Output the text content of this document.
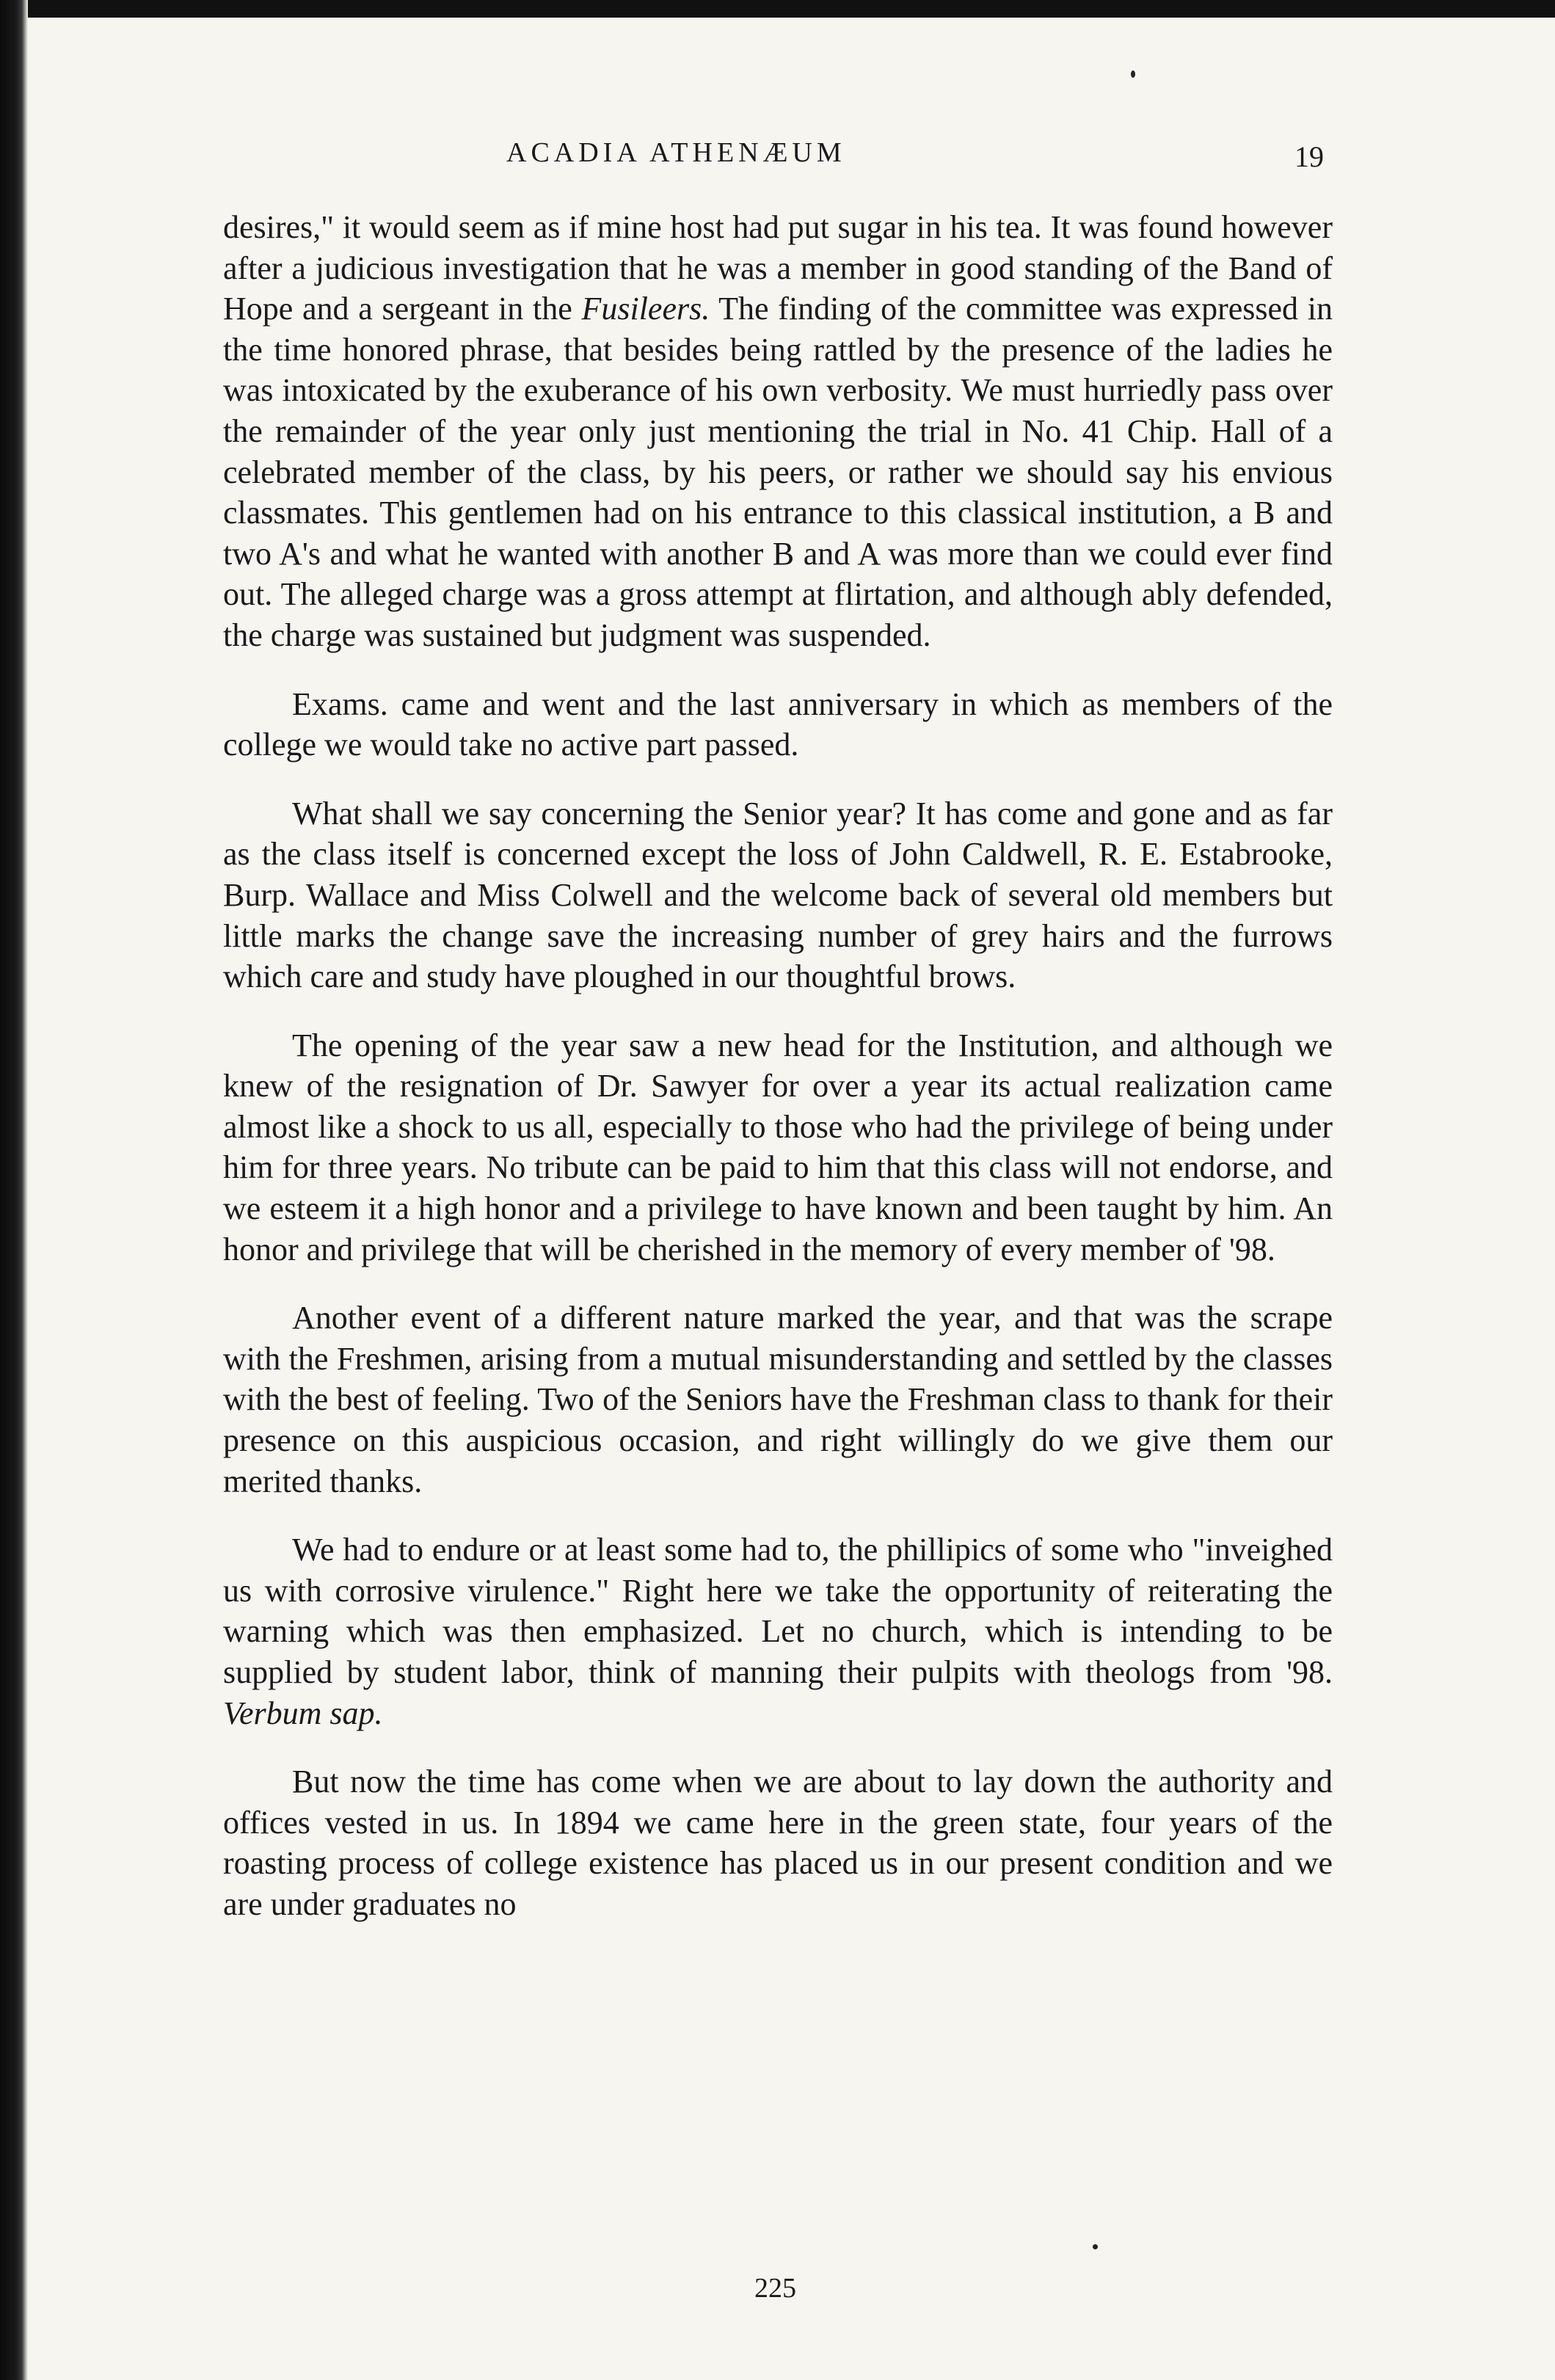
ACADIA ATHENÆUM	19

desires," it would seem as if mine host had put sugar in his tea. It was found however after a judicious investigation that he was a member in good standing of the Band of Hope and a sergeant in the Fusileers. The finding of the committee was expressed in the time honored phrase, that besides being rattled by the presence of the ladies he was intoxicated by the exuberance of his own verbosity. We must hurriedly pass over the remainder of the year only just mentioning the trial in No. 41 Chip. Hall of a celebrated member of the class, by his peers, or rather we should say his envious classmates. This gentlemen had on his entrance to this classical institution, a B and two A's and what he wanted with another B and A was more than we could ever find out. The alleged charge was a gross attempt at flirtation, and although ably defended, the charge was sustained but judgment was suspended.

Exams. came and went and the last anniversary in which as members of the college we would take no active part passed.

What shall we say concerning the Senior year? It has come and gone and as far as the class itself is concerned except the loss of John Caldwell, R. E. Estabrooke, Burp. Wallace and Miss Colwell and the welcome back of several old members but little marks the change save the increasing number of grey hairs and the furrows which care and study have ploughed in our thoughtful brows.

The opening of the year saw a new head for the Institution, and although we knew of the resignation of Dr. Sawyer for over a year its actual realization came almost like a shock to us all, especially to those who had the privilege of being under him for three years. No tribute can be paid to him that this class will not endorse, and we esteem it a high honor and a privilege to have known and been taught by him. An honor and privilege that will be cherished in the memory of every member of '98.

Another event of a different nature marked the year, and that was the scrape with the Freshmen, arising from a mutual misunderstanding and settled by the classes with the best of feeling. Two of the Seniors have the Freshman class to thank for their presence on this auspicious occasion, and right willingly do we give them our merited thanks.

We had to endure or at least some had to, the phillipics of some who "inveighed us with corrosive virulence." Right here we take the opportunity of reiterating the warning which was then emphasized. Let no church, which is intending to be supplied by student labor, think of manning their pulpits with theologs from '98. Verbum sap.

But now the time has come when we are about to lay down the authority and offices vested in us. In 1894 we came here in the green state, four years of the roasting process of college existence has placed us in our present condition and we are under graduates no

225
